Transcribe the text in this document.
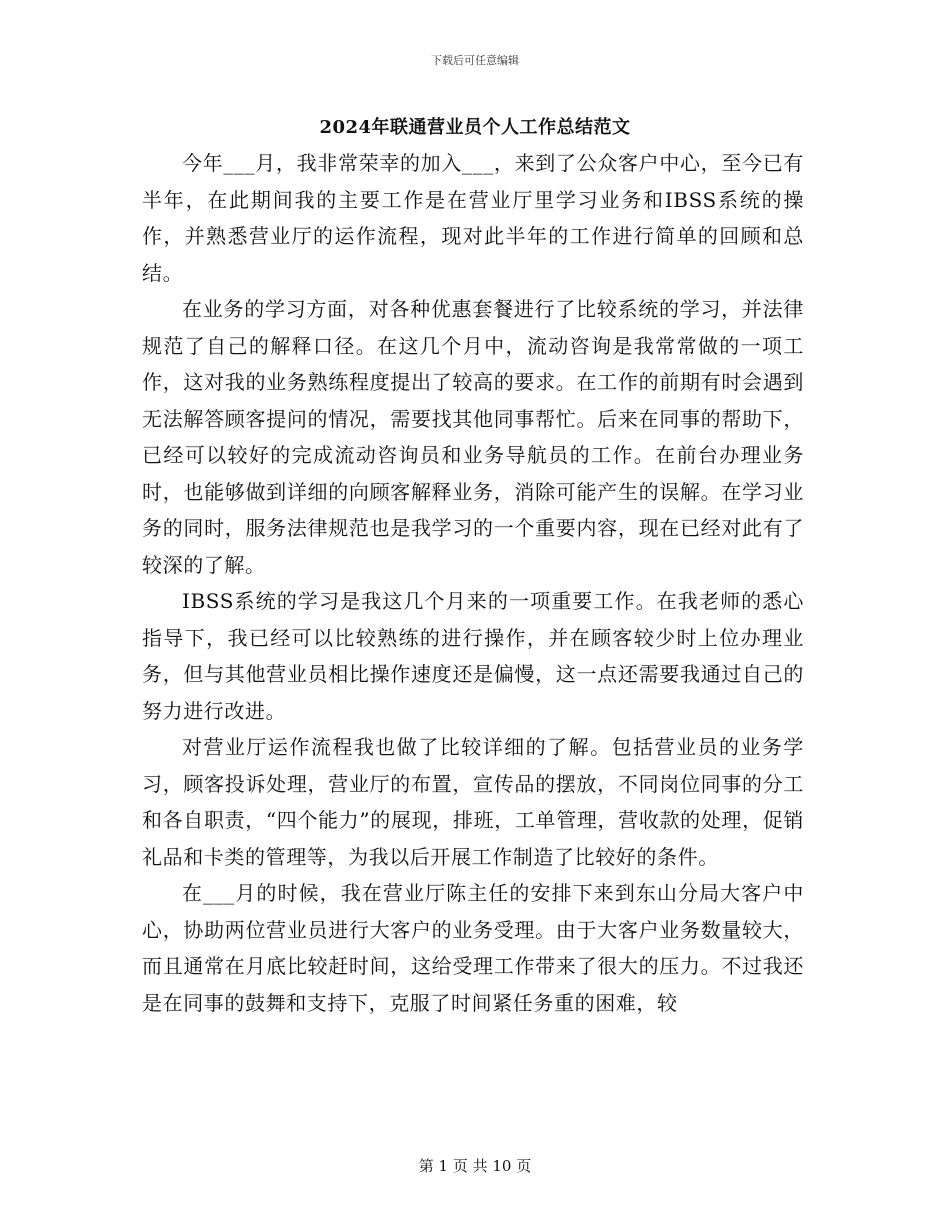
下载后可任意编辑
2024年联通营业员个人工作总结范文

今年___月，我非常荣幸的加入___，来到了公众客户中心，至今已有半年，在此期间我的主要工作是在营业厅里学习业务和IBSS系统的操作，并熟悉营业厅的运作流程，现对此半年的工作进行简单的回顾和总结。

在业务的学习方面，对各种优惠套餐进行了比较系统的学习，并法律规范了自己的解释口径。在这几个月中，流动咨询是我常常做的一项工作，这对我的业务熟练程度提出了较高的要求。在工作的前期有时会遇到无法解答顾客提问的情况，需要找其他同事帮忙。后来在同事的帮助下，已经可以较好的完成流动咨询员和业务导航员的工作。在前台办理业务时，也能够做到详细的向顾客解释业务，消除可能产生的误解。在学习业务的同时，服务法律规范也是我学习的一个重要内容，现在已经对此有了较深的了解。

IBSS系统的学习是我这几个月来的一项重要工作。在我老师的悉心指导下，我已经可以比较熟练的进行操作，并在顾客较少时上位办理业务，但与其他营业员相比操作速度还是偏慢，这一点还需要我通过自己的努力进行改进。

对营业厅运作流程我也做了比较详细的了解。包括营业员的业务学习，顾客投诉处理，营业厅的布置，宣传品的摆放，不同岗位同事的分工和各自职责，“四个能力”的展现，排班，工单管理，营收款的处理，促销礼品和卡类的管理等，为我以后开展工作制造了比较好的条件。

在___月的时候，我在营业厅陈主任的安排下来到东山分局大客户中心，协助两位营业员进行大客户的业务受理。由于大客户业务数量较大，而且通常在月底比较赶时间，这给受理工作带来了很大的压力。不过我还是在同事的鼓舞和支持下，克服了时间紧任务重的困难，较

第 1 页 共 10 页
